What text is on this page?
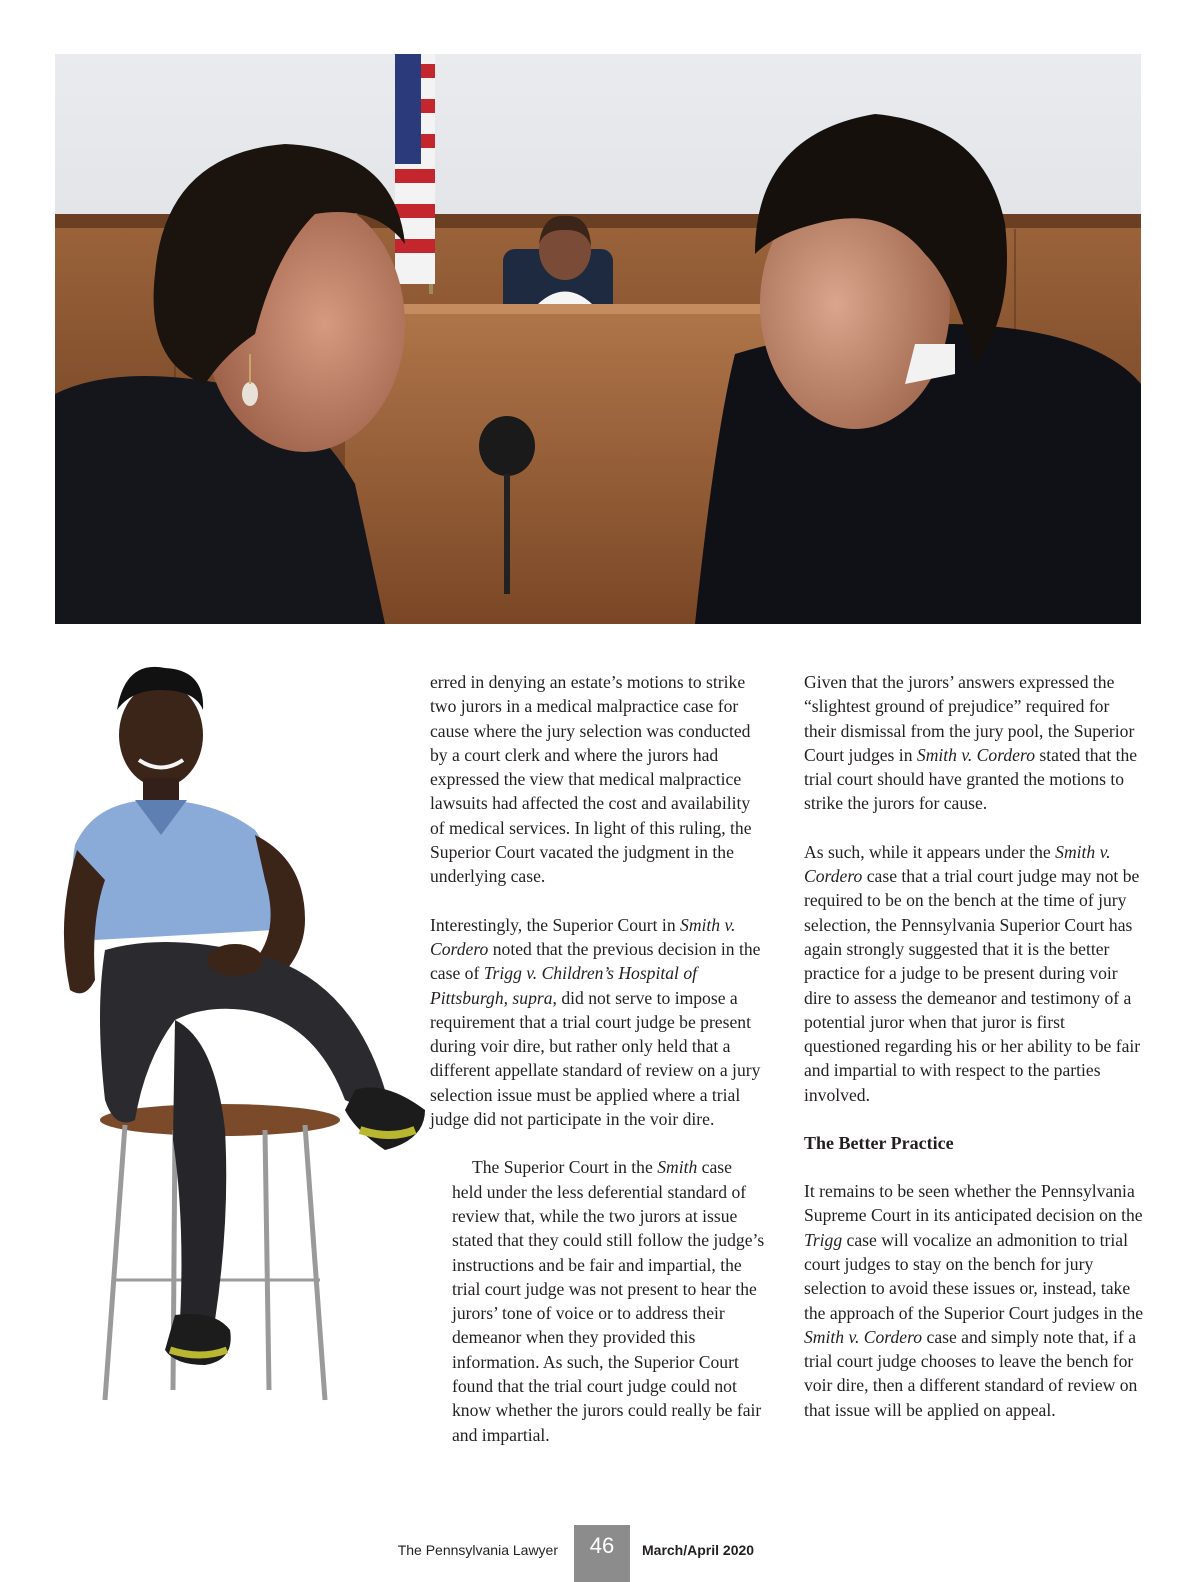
erred in denying an estate’s motions to strike two jurors in a medical malpractice case for cause where the jury selection was conducted by a court clerk and where the jurors had expressed the view that medical malpractice lawsuits had affected the cost and availability of medical services. In light of this ruling, the Superior Court vacated the judgment in the underlying case.

Interestingly, the Superior Court in Smith v. Cordero noted that the previous decision in the case of Trigg v. Children’s Hospital of Pittsburgh, supra, did not serve to impose a requirement that a trial court judge be present during voir dire, but rather only held that a different appellate standard of review on a jury selection issue must be applied where a trial judge did not participate in the voir dire.

The Superior Court in the Smith case held under the less deferential standard of review that, while the two jurors at issue stated that they could still follow the judge’s instructions and be fair and impartial, the trial court judge was not present to hear the jurors’ tone of voice or to address their demeanor when they provided this information. As such, the Superior Court found that the trial court judge could not know whether the jurors could really be fair and impartial.

Given that the jurors’ answers expressed the “slightest ground of prejudice” required for their dismissal from the jury pool, the Superior Court judges in Smith v. Cordero stated that the trial court should have granted the motions to strike the jurors for cause.

As such, while it appears under the Smith v. Cordero case that a trial court judge may not be required to be on the bench at the time of jury selection, the Pennsylvania Superior Court has again strongly suggested that it is the better practice for a judge to be present during voir dire to assess the demeanor and testimony of a potential juror when that juror is first questioned regarding his or her ability to be fair and impartial to with respect to the parties involved.

The Better Practice

It remains to be seen whether the Pennsylvania Supreme Court in its anticipated decision on the Trigg case will vocalize an admonition to trial court judges to stay on the bench for jury selection to avoid these issues or, instead, take the approach of the Superior Court judges in the Smith v. Cordero case and simply note that, if a trial court judge chooses to leave the bench for voir dire, then a different standard of review on that issue will be applied on appeal.

The Pennsylvania Lawyer	46	March/April 2020
